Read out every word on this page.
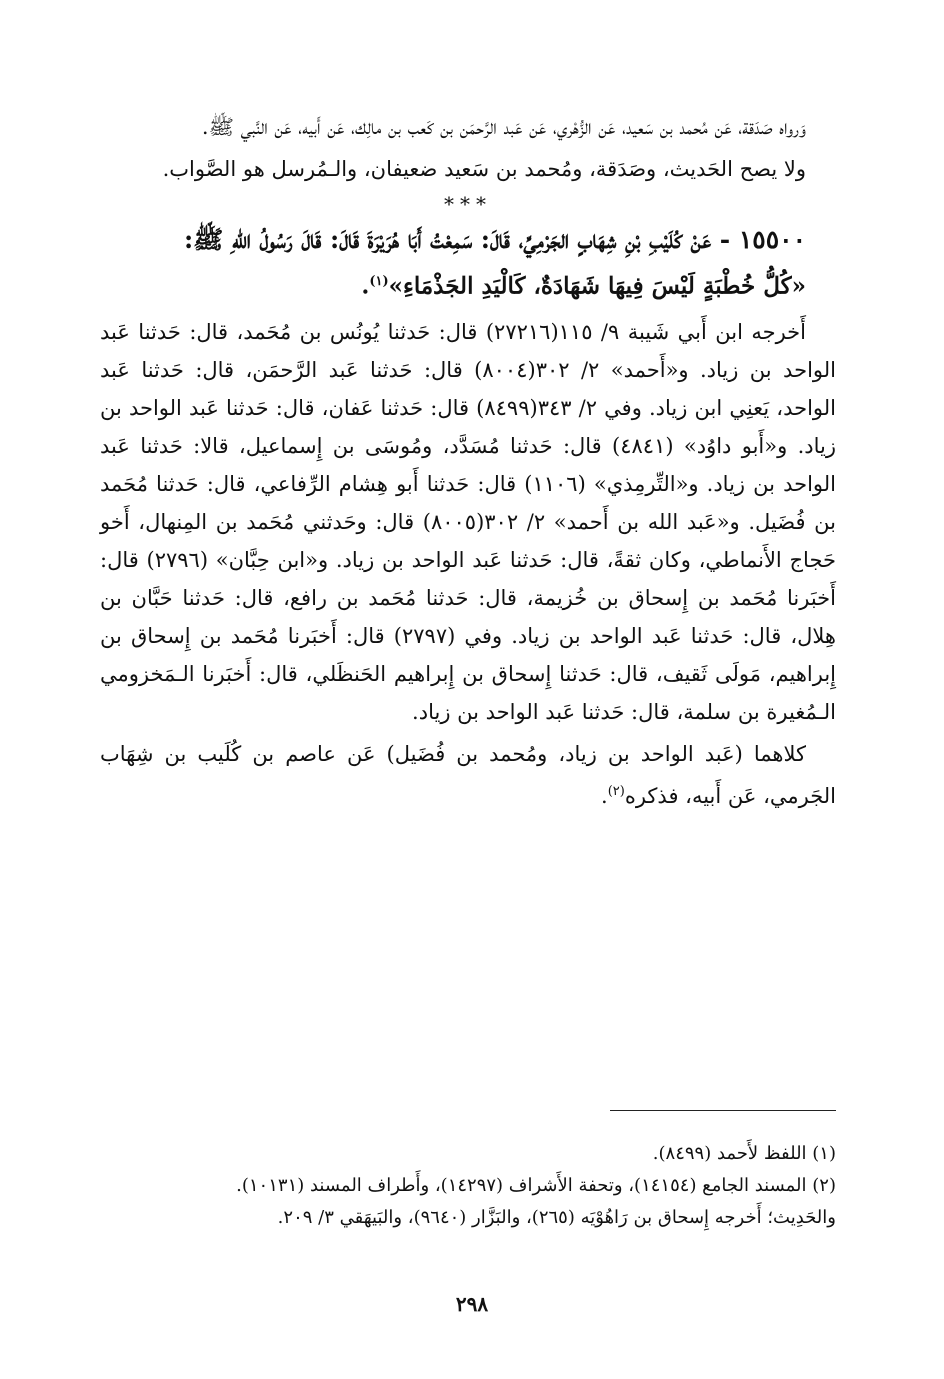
وَرواه صَدَقة، عَن مُحمد بن سَعيد، عَن الزُّهْري، عَن عَبد الرَّحمَن بن كَعب بن مالِك، عَن أَبيه، عَن النَّبي ﷺ.

ولا يصح الحَديث، وصَدَقة، ومُحمد بن سَعيد ضعيفان، والـمُرسل هو الصَّواب.

***

١٥٥٠٠ - عَنْ كُلَيْبِ بْنِ شِهَابٍ الجَرْمِيِّ، قَالَ: سَمِعْتُ أَبَا هُرَيْرَةَ قَالَ: قَالَ رَسُولُ اللهِ ﷺ:

«كُلُّ خُطْبَةٍ لَيْسَ فِيهَا شَهَادَةٌ، كَالْيَدِ الجَذْمَاءِ»$^{(١)}$.

أَخرجه ابن أَبي شَيبة ٩/ ١١٥(٢٧٢١٦) قال: حَدثنا يُونُس بن مُحَمد، قال: حَدثنا عَبد الواحد بن زياد. و«أَحمد» ٢/ ٣٠٢(٨٠٠٤) قال: حَدثنا عَبد الرَّحمَن، قال: حَدثنا عَبد الواحد، يَعنِي ابن زياد. وفي ٢/ ٣٤٣(٨٤٩٩) قال: حَدثنا عَفان، قال: حَدثنا عَبد الواحد بن زياد. و«أَبو داوُد» (٤٨٤١) قال: حَدثنا مُسَدَّد، ومُوسَى بن إِسماعيل، قالا: حَدثنا عَبد الواحد بن زياد. و«التِّرمِذي» (١١٠٦) قال: حَدثنا أَبو هِشام الرِّفاعي، قال: حَدثنا مُحَمد بن فُضَيل. و«عَبد الله بن أَحمد» ٢/ ٣٠٢(٨٠٠٥) قال: وحَدثني مُحَمد بن المِنهال، أَخو حَجاج الأَنماطي، وكان ثقةً، قال: حَدثنا عَبد الواحد بن زياد. و«ابن حِبَّان» (٢٧٩٦) قال: أَخبَرنا مُحَمد بن إِسحاق بن خُزيمة، قال: حَدثنا مُحَمد بن رافع، قال: حَدثنا حَبَّان بن هِلال، قال: حَدثنا عَبد الواحد بن زياد. وفي (٢٧٩٧) قال: أَخبَرنا مُحَمد بن إِسحاق بن إِبراهيم، مَولَى ثَقيف، قال: حَدثنا إِسحاق بن إِبراهيم الحَنظَلي، قال: أَخبَرنا الـمَخزومي الـمُغيرة بن سلمة، قال: حَدثنا عَبد الواحد بن زياد.

كلاهما (عَبد الواحد بن زياد، ومُحمد بن فُضَيل) عَن عاصم بن كُلَيب بن شِهَاب الجَرمي، عَن أَبيه، فذكره$^{(٢)}$.

(١) اللفظ لأَحمد (٨٤٩٩).

(٢) المسند الجامع (١٤١٥٤)، وتحفة الأَشراف (١٤٢٩٧)، وأَطراف المسند (١٠١٣١).

والحَدِيث؛ أَخرجه إِسحاق بن رَاهُوْيَه (٢٦٥)، والبَزَّار (٩٦٤٠)، والبَيهَقي ٣/ ٢٠٩.

٢٩٨
